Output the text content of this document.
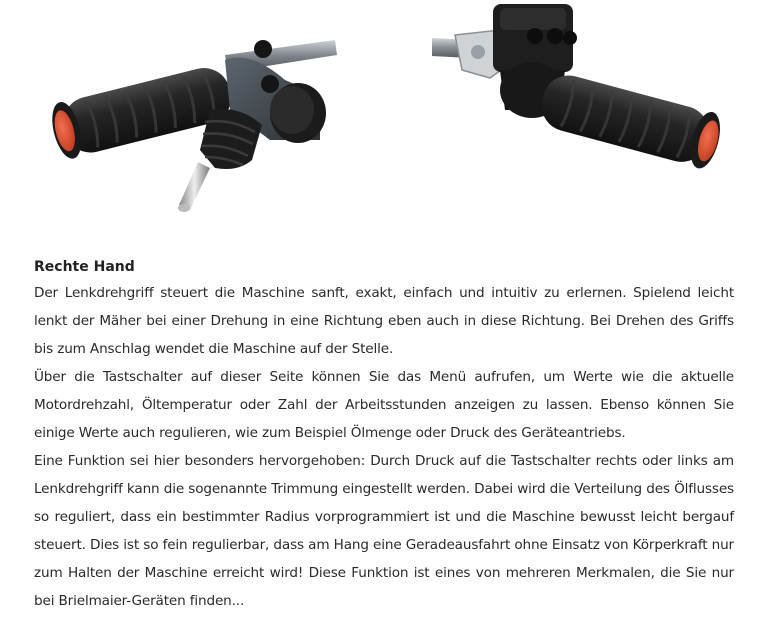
Rechte Hand

Der Lenkdrehgriff steuert die Maschine sanft, exakt, einfach und intuitiv zu erlernen. Spielend leicht lenkt der Mäher bei einer Drehung in eine Richtung eben auch in diese Richtung. Bei Drehen des Griffs bis zum Anschlag wendet die Maschine auf der Stelle.

Über die Tastschalter auf dieser Seite können Sie das Menü aufrufen, um Werte wie die aktuelle Motordrehzahl, Öltemperatur oder Zahl der Arbeitsstunden anzeigen zu lassen. Ebenso können Sie einige Werte auch regulieren, wie zum Beispiel Ölmenge oder Druck des Geräteantriebs.

Eine Funktion sei hier besonders hervorgehoben: Durch Druck auf die Tastschalter rechts oder links am Lenkdrehgriff kann die sogenannte Trimmung eingestellt werden. Dabei wird die Verteilung des Ölflusses so reguliert, dass ein bestimmter Radius vorprogrammiert ist und die Maschine bewusst leicht bergauf steuert. Dies ist so fein regulierbar, dass am Hang eine Geradeausfahrt ohne Einsatz von Körperkraft nur zum Halten der Maschine erreicht wird! Diese Funktion ist eines von mehreren Merkmalen, die Sie nur bei Brielmaier-Geräten finden...
